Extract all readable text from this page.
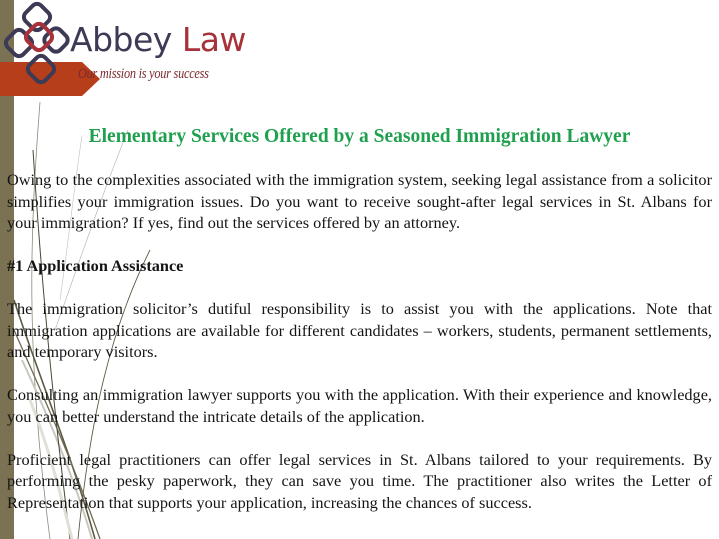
Abbey Law
Our mission is your success
Elementary Services Offered by a Seasoned Immigration Lawyer

Owing to the complexities associated with the immigration system, seeking legal assistance from a solicitor simplifies your immigration issues. Do you want to receive sought-after legal services in St. Albans for your immigration? If yes, find out the services offered by an attorney.

#1 Application Assistance

The immigration solicitor’s dutiful responsibility is to assist you with the applications. Note that immigration applications are available for different candidates – workers, students, permanent settlements, and temporary visitors.

Consulting an immigration lawyer supports you with the application. With their experience and knowledge, you can better understand the intricate details of the application.

Proficient legal practitioners can offer legal services in St. Albans tailored to your requirements. By performing the pesky paperwork, they can save you time. The practitioner also writes the Letter of Representation that supports your application, increasing the chances of success.
